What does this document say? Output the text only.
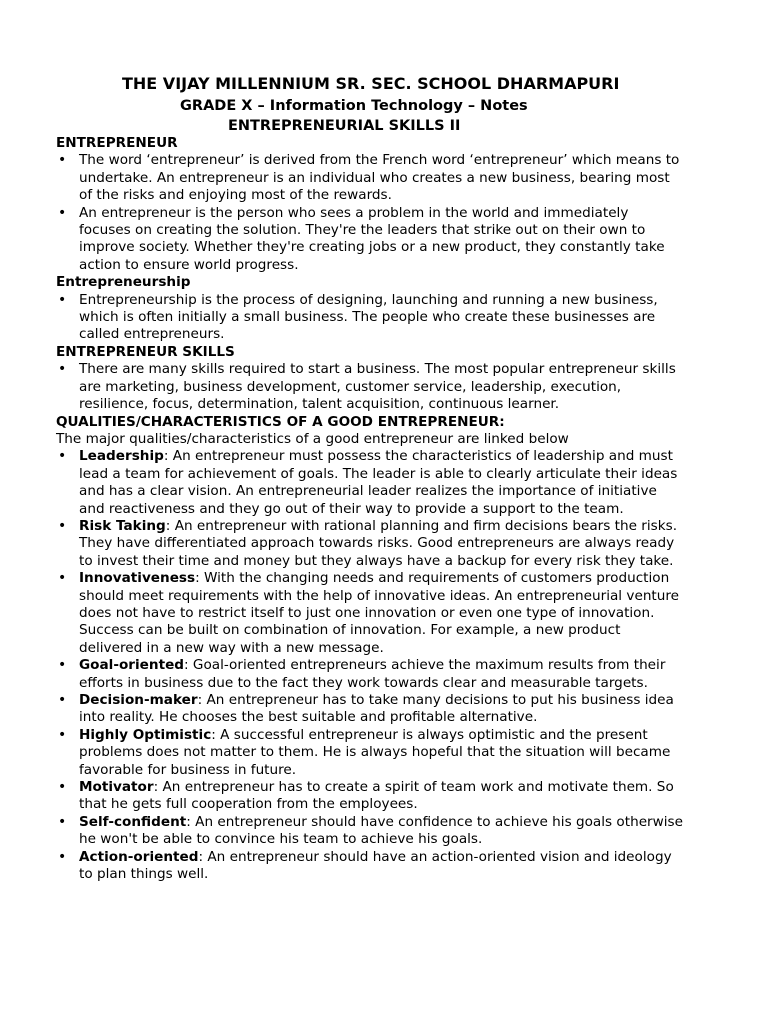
THE VIJAY MILLENNIUM SR. SEC. SCHOOL DHARMAPURI
GRADE X – Information Technology – Notes
ENTREPRENEURIAL SKILLS II

ENTREPRENEUR

• The word ‘entrepreneur’ is derived from the French word ‘entrepreneur’ which means to undertake. An entrepreneur is an individual who creates a new business, bearing most of the risks and enjoying most of the rewards.
• An entrepreneur is the person who sees a problem in the world and immediately focuses on creating the solution. They're the leaders that strike out on their own to improve society. Whether they're creating jobs or a new product, they constantly take action to ensure world progress.

Entrepreneurship

• Entrepreneurship is the process of designing, launching and running a new business, which is often initially a small business. The people who create these businesses are called entrepreneurs.

ENTREPRENEUR SKILLS

• There are many skills required to start a business. The most popular entrepreneur skills are marketing, business development, customer service, leadership, execution, resilience, focus, determination, talent acquisition, continuous learner.

QUALITIES/CHARACTERISTICS OF A GOOD ENTREPRENEUR:

The major qualities/characteristics of a good entrepreneur are linked below

• Leadership: An entrepreneur must possess the characteristics of leadership and must lead a team for achievement of goals. The leader is able to clearly articulate their ideas and has a clear vision. An entrepreneurial leader realizes the importance of initiative and reactiveness and they go out of their way to provide a support to the team.
• Risk Taking: An entrepreneur with rational planning and firm decisions bears the risks. They have differentiated approach towards risks. Good entrepreneurs are always ready to invest their time and money but they always have a backup for every risk they take.
• Innovativeness: With the changing needs and requirements of customers production should meet requirements with the help of innovative ideas. An entrepreneurial venture does not have to restrict itself to just one innovation or even one type of innovation. Success can be built on combination of innovation. For example, a new product delivered in a new way with a new message.
• Goal-oriented: Goal-oriented entrepreneurs achieve the maximum results from their efforts in business due to the fact they work towards clear and measurable targets.
• Decision-maker: An entrepreneur has to take many decisions to put his business idea into reality. He chooses the best suitable and profitable alternative.
• Highly Optimistic: A successful entrepreneur is always optimistic and the present problems does not matter to them. He is always hopeful that the situation will became favorable for business in future.
• Motivator: An entrepreneur has to create a spirit of team work and motivate them. So that he gets full cooperation from the employees.
• Self-confident: An entrepreneur should have confidence to achieve his goals otherwise he won't be able to convince his team to achieve his goals.
• Action-oriented: An entrepreneur should have an action-oriented vision and ideology to plan things well.
